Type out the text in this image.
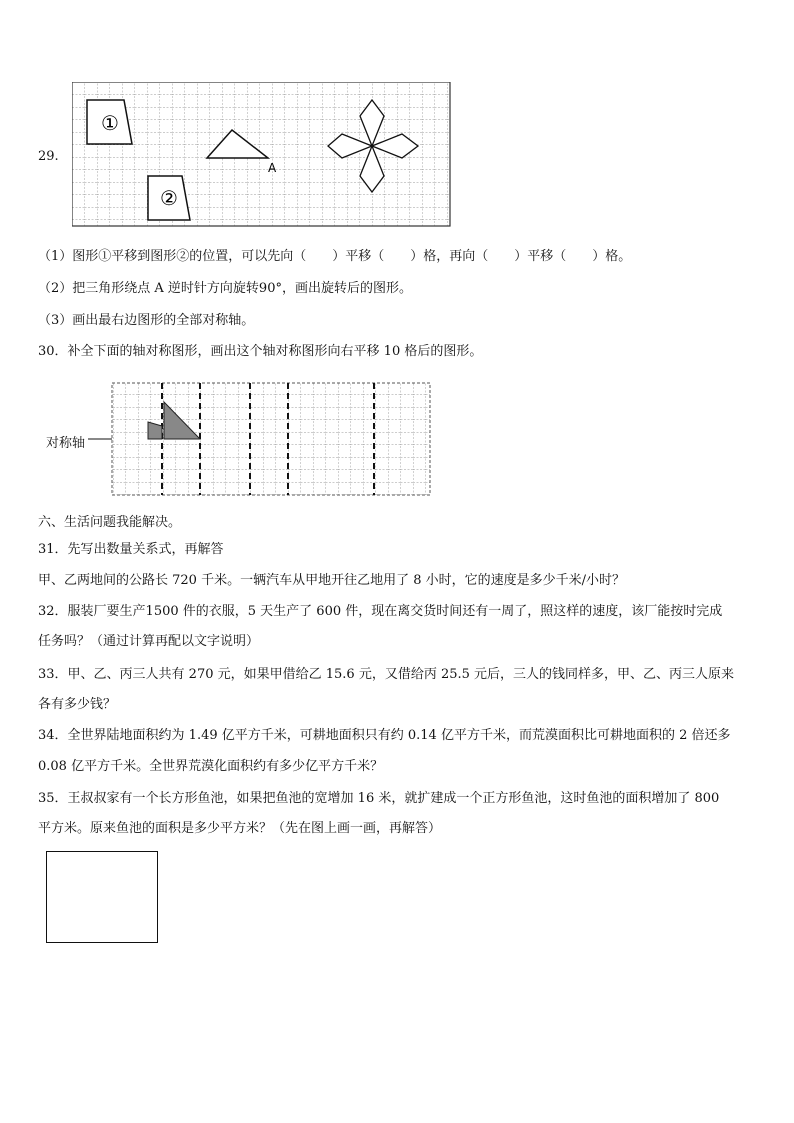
29.
①
A
②
（1）图形①平移到图形②的位置，可以先向（　　）平移（　　）格，再向（　　）平移（　　）格。
（2）把三角形绕点 A 逆时针方向旋转90°，画出旋转后的图形。
（3）画出最右边图形的全部对称轴。
30．补全下面的轴对称图形，画出这个轴对称图形向右平移 10 格后的图形。
对称轴
六、生活问题我能解决。
31．先写出数量关系式，再解答
甲、乙两地间的公路长 720 千米。一辆汽车从甲地开往乙地用了 8 小时，它的速度是多少千米/小时？
32．服装厂要生产1500 件的衣服，5 天生产了 600 件，现在离交货时间还有一周了，照这样的速度，该厂能按时完成
任务吗？（通过计算再配以文字说明）
33．甲、乙、丙三人共有 270 元，如果甲借给乙 15.6 元，又借给丙 25.5 元后，三人的钱同样多，甲、乙、丙三人原来
各有多少钱？
34．全世界陆地面积约为 1.49 亿平方千米，可耕地面积只有约 0.14 亿平方千米，而荒漠面积比可耕地面积的 2 倍还多
0.08 亿平方千米。全世界荒漠化面积约有多少亿平方千米？
35．王叔叔家有一个长方形鱼池，如果把鱼池的宽增加 16 米，就扩建成一个正方形鱼池，这时鱼池的面积增加了 800
平方米。原来鱼池的面积是多少平方米？（先在图上画一画，再解答）
